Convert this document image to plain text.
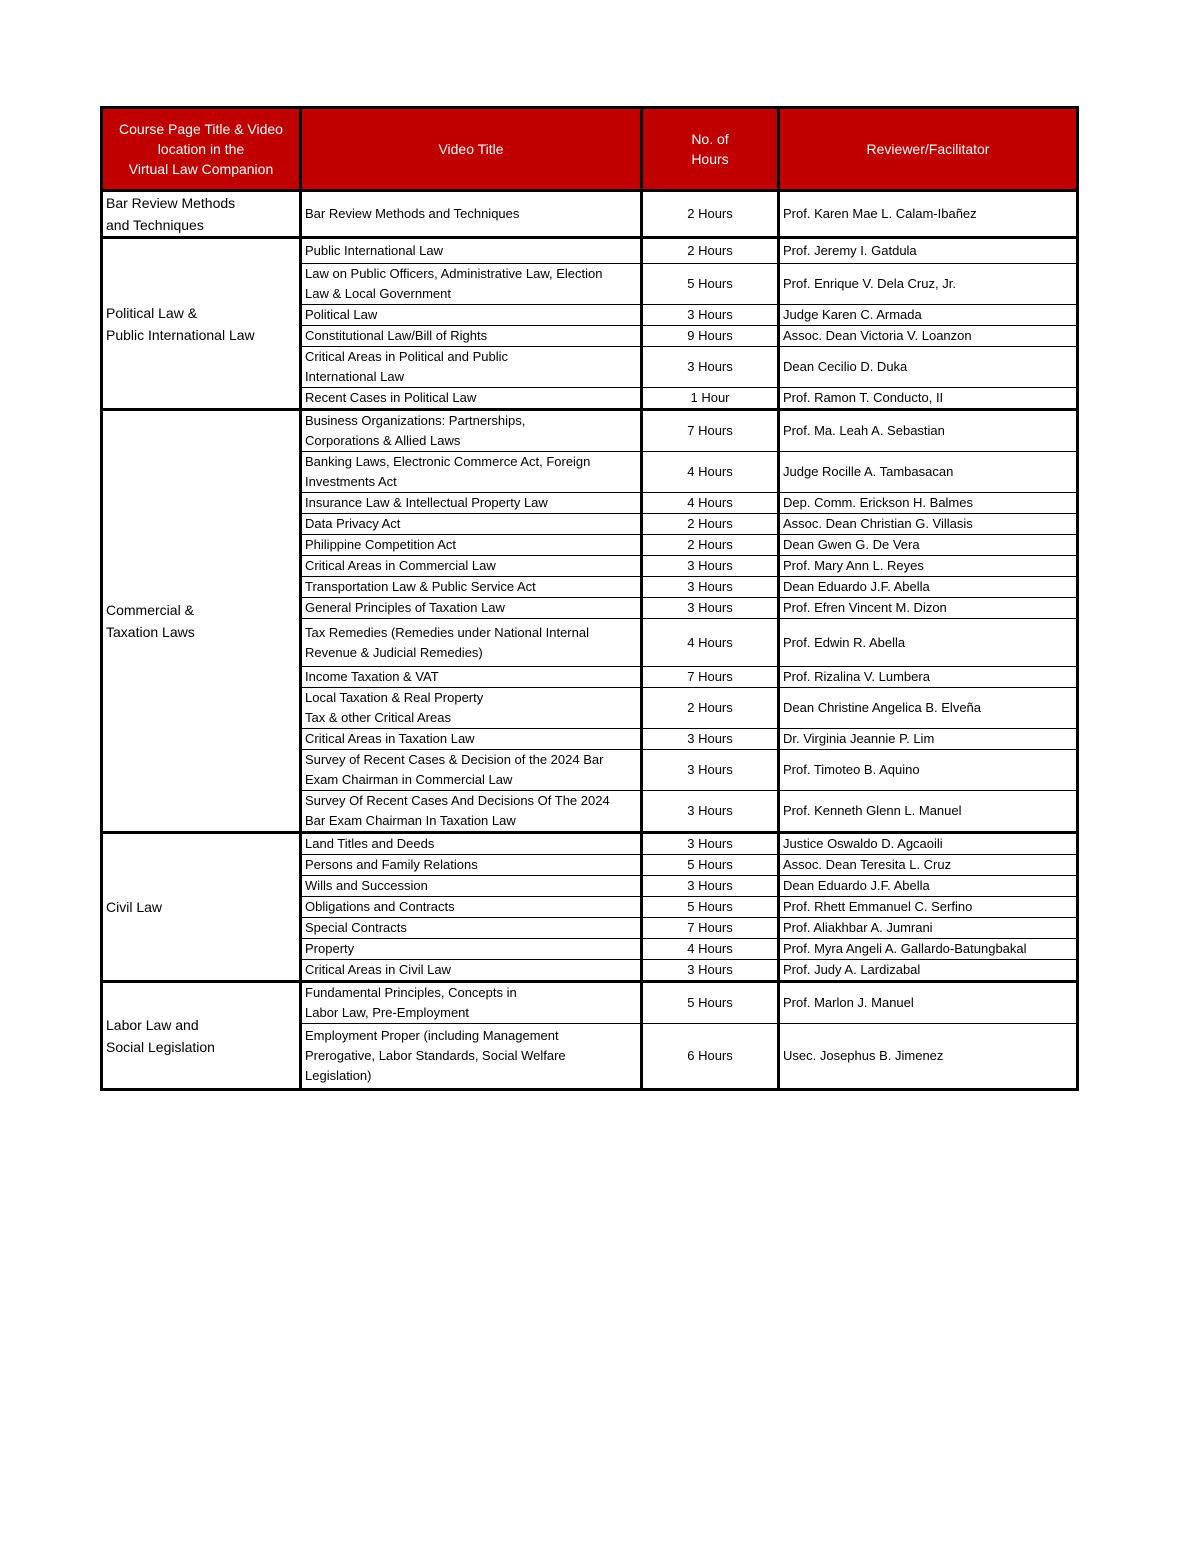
Course Page Title & Video
location in the
Virtual Law Companion	Video Title	No. of
Hours	Reviewer/Facilitator
Bar Review Methods
and Techniques	Bar Review Methods and Techniques	2 Hours	Prof. Karen Mae L. Calam-Ibañez
Political Law &
Public International Law	Public International Law	2 Hours	Prof. Jeremy I. Gatdula
	Law on Public Officers, Administrative Law, Election
Law & Local Government	5 Hours	Prof. Enrique V. Dela Cruz, Jr.
	Political Law	3 Hours	Judge Karen C. Armada
	Constitutional Law/Bill of Rights	9 Hours	Assoc. Dean Victoria V. Loanzon
	Critical Areas in Political and Public
International Law	3 Hours	Dean Cecilio D. Duka
	Recent Cases in Political Law	1 Hour	Prof. Ramon T. Conducto, II
Commercial &
Taxation Laws	Business Organizations: Partnerships,
Corporations & Allied Laws	7 Hours	Prof. Ma. Leah A. Sebastian
	Banking Laws, Electronic Commerce Act, Foreign
Investments Act	4 Hours	Judge Rocille A. Tambasacan
	Insurance Law & Intellectual Property Law	4 Hours	Dep. Comm. Erickson H. Balmes
	Data Privacy Act	2 Hours	Assoc. Dean Christian G. Villasis
	Philippine Competition Act	2 Hours	Dean Gwen G. De Vera
	Critical Areas in Commercial Law	3 Hours	Prof. Mary Ann L. Reyes
	Transportation Law & Public Service Act	3 Hours	Dean Eduardo J.F. Abella
	General Principles of Taxation Law	3 Hours	Prof. Efren Vincent M. Dizon
	Tax Remedies (Remedies under National Internal
Revenue & Judicial Remedies)	4 Hours	Prof. Edwin R. Abella
	Income Taxation & VAT	7 Hours	Prof. Rizalina V. Lumbera
	Local Taxation & Real Property
Tax & other Critical Areas	2 Hours	Dean Christine Angelica B. Elveña
	Critical Areas in Taxation Law	3 Hours	Dr. Virginia Jeannie P. Lim
	Survey of Recent Cases & Decision of the 2024 Bar
Exam Chairman in Commercial Law	3 Hours	Prof. Timoteo B. Aquino
	Survey Of Recent Cases And Decisions Of The 2024
Bar Exam Chairman In Taxation Law	3 Hours	Prof. Kenneth Glenn L. Manuel
Civil Law	Land Titles and Deeds	3 Hours	Justice Oswaldo D. Agcaoili
	Persons and Family Relations	5 Hours	Assoc. Dean Teresita L. Cruz
	Wills and Succession	3 Hours	Dean Eduardo J.F. Abella
	Obligations and Contracts	5 Hours	Prof. Rhett Emmanuel C. Serfino
	Special Contracts	7 Hours	Prof. Aliakhbar A. Jumrani
	Property	4 Hours	Prof. Myra Angeli A. Gallardo-Batungbakal
	Critical Areas in Civil Law	3 Hours	Prof. Judy A. Lardizabal
Labor Law and
Social Legislation	Fundamental Principles, Concepts in
Labor Law, Pre-Employment	5 Hours	Prof. Marlon J. Manuel
	Employment Proper (including Management
Prerogative, Labor Standards, Social Welfare
Legislation)	6 Hours	Usec. Josephus B. Jimenez
